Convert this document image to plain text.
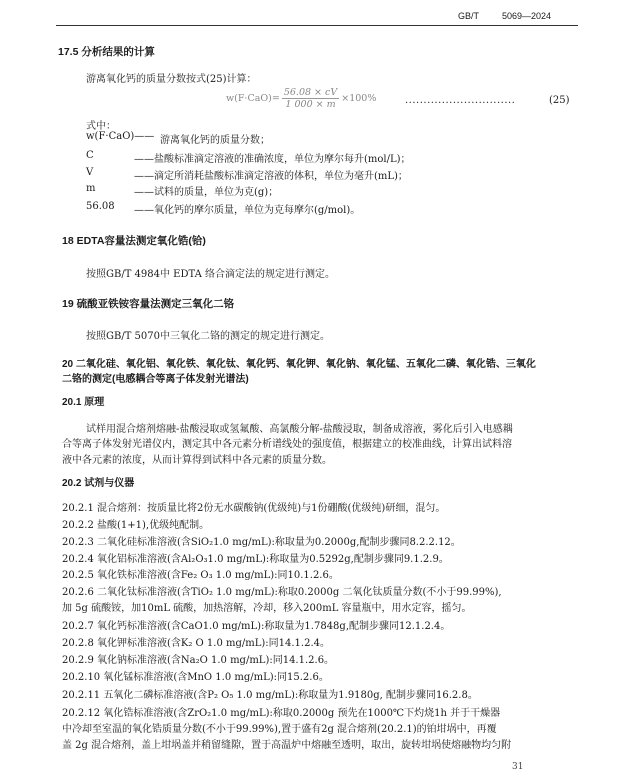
GB/T	5069—2024
17.5 分析结果的计算
游离氧化钙的质量分数按式(25)计算：
$w(F\cdot CaO)= \frac{56.08 \times cV}{1 000 \times m} \times 100\%$	..............................	(25)
式中：
w(F·CaO)—— 游离氧化钙的质量分数；
C	——盐酸标准滴定溶液的准确浓度，单位为摩尔每升(mol/L)；
V	——滴定所消耗盐酸标准滴定溶液的体积，单位为毫升(mL)；
m	——试料的质量，单位为克(g)；
56.08 ——氧化钙的摩尔质量，单位为克每摩尔(g/mol)。
18 EDTA容量法测定氧化锆(铪)
按照GB/T 4984中 EDTA 络合滴定法的规定进行测定。
19 硫酸亚铁铵容量法测定三氧化二铬
按照GB/T 5070中三氧化二铬的测定的规定进行测定。
20 二氧化硅、氧化铝、氧化铁、氧化钛、氧化钙、氧化钾、氧化钠、氧化锰、五氧化二磷、氧化锆、三氧化
二铬的测定(电感耦合等离子体发射光谱法)
20.1 原理
试样用混合熔剂熔融-盐酸浸取或氢氟酸、高氯酸分解-盐酸浸取，制备成溶液，雾化后引入电感耦
合等离子体发射光谱仪内，测定其中各元素分析谱线处的强度值，根据建立的校准曲线，计算出试料溶
液中各元素的浓度，从而计算得到试料中各元素的质量分数。
20.2 试剂与仪器
20.2.1 混合熔剂：按质量比将2份无水碳酸钠(优级纯)与1份硼酸(优级纯)研细，混匀。
20.2.2 盐酸(1+1),优级纯配制。
20.2.3 二氧化硅标准溶液(含SiO₂1.0 mg/mL):称取量为0.2000g,配制步骤同8.2.2.12。
20.2.4 氧化铝标准溶液(含Al₂O₃1.0 mg/mL):称取量为0.5292g,配制步骤同9.1.2.9。
20.2.5 氧化铁标准溶液(含Fe₂ O₃ 1.0 mg/mL):同10.1.2.6。
20.2.6 二氧化钛标准溶液(含TiO₂ 1.0 mg/mL):称取0.2000g 二氧化钛质量分数(不小于99.99%),
加 5g 硫酸铵，加10mL 硫酸，加热溶解，冷却，移入200mL 容量瓶中，用水定容，摇匀。
20.2.7 氧化钙标准溶液(含CaO1.0 mg/mL):称取量为1.7848g,配制步骤同12.1.2.4。
20.2.8 氧化钾标准溶液(含K₂ O 1.0 mg/mL):同14.1.2.4。
20.2.9 氧化钠标准溶液(含Na₂O 1.0 mg/mL):同14.1.2.6。
20.2.10 氧化锰标准溶液(含MnO 1.0 mg/mL):同15.2.6。
20.2.11 五氧化二磷标准溶液(含P₂ O₅ 1.0 mg/mL):称取量为1.9180g, 配制步骤同16.2.8。
20.2.12 氧化锆标准溶液(含ZrO₂1.0 mg/mL):称取0.2000g 预先在1000℃下灼烧1h 并于干燥器
中冷却至室温的氧化锆质量分数(不小于99.99%),置于盛有2g 混合熔剂(20.2.1)的铂坩埚中，再覆
盖 2g 混合熔剂，盖上坩埚盖并稍留缝隙，置于高温炉中熔融至透明，取出，旋转坩埚使熔融物均匀附
31
